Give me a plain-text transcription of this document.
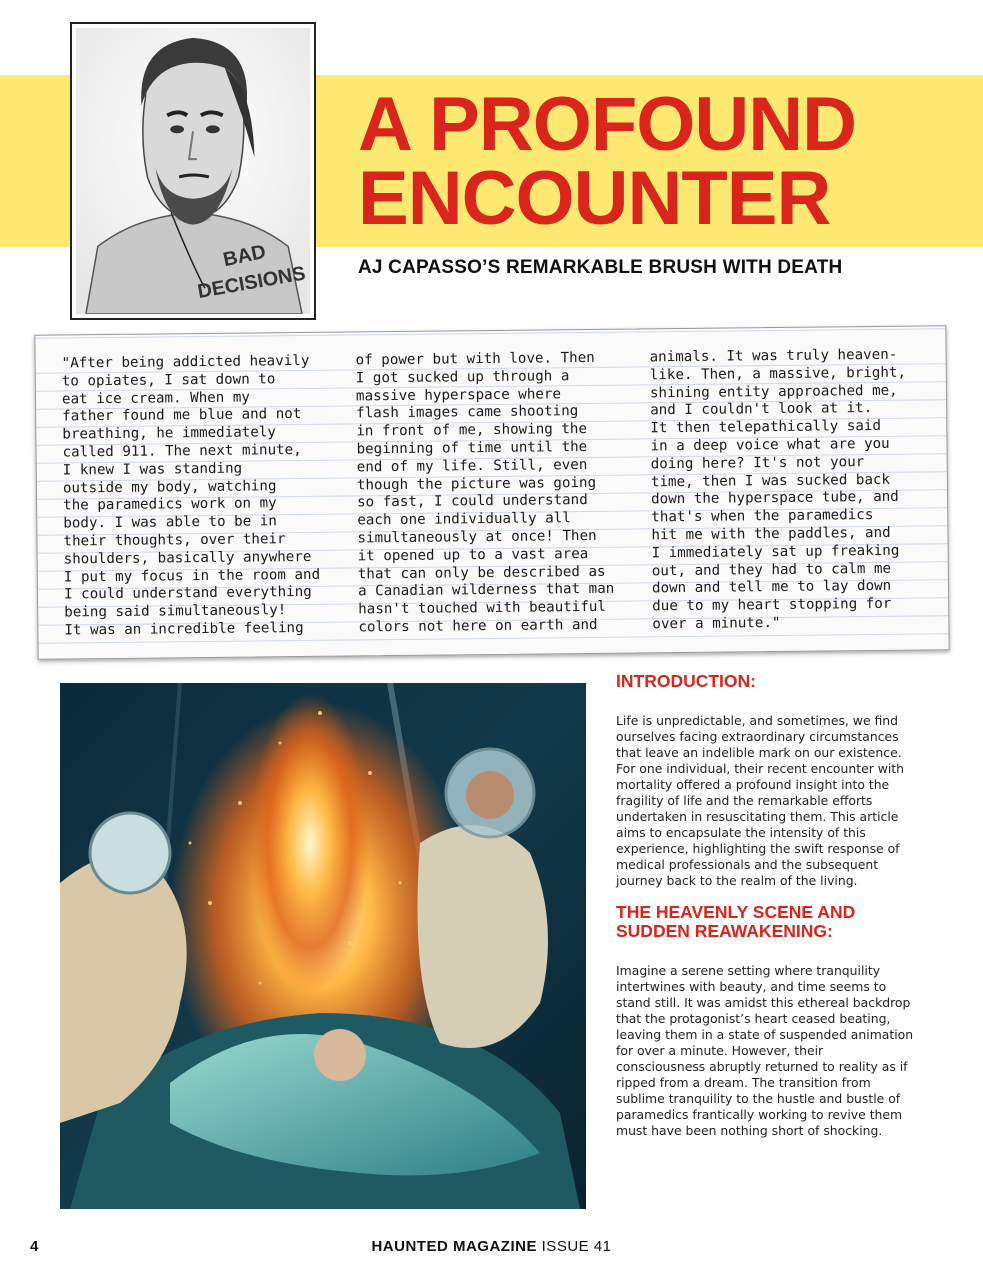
BAD
DECISIONS
A PROFOUND
ENCOUNTER
AJ CAPASSO’S REMARKABLE BRUSH WITH DEATH
"After being addicted heavily
to opiates, I sat down to
eat ice cream. When my
father found me blue and not
breathing, he immediately
called 911. The next minute,
I knew I was standing
outside my body, watching
the paramedics work on my
body. I was able to be in
their thoughts, over their
shoulders, basically anywhere
I put my focus in the room and
I could understand everything
being said simultaneously!
It was an incredible feeling
of power but with love. Then
I got sucked up through a
massive hyperspace where
flash images came shooting
in front of me, showing the
beginning of time until the
end of my life. Still, even
though the picture was going
so fast, I could understand
each one individually all
simultaneously at once! Then
it opened up to a vast area
that can only be described as
a Canadian wilderness that man
hasn't touched with beautiful
colors not here on earth and
animals. It was truly heaven-
like. Then, a massive, bright,
shining entity approached me,
and I couldn't look at it.
It then telepathically said
in a deep voice what are you
doing here? It's not your
time, then I was sucked back
down the hyperspace tube, and
that's when the paramedics
hit me with the paddles, and
I immediately sat up freaking
out, and they had to calm me
down and tell me to lay down
due to my heart stopping for
over a minute."
INTRODUCTION:
Life is unpredictable, and sometimes, we find ourselves facing extraordinary circumstances that leave an indelible mark on our existence. For one individual, their recent encounter with mortality offered a profound insight into the fragility of life and the remarkable efforts undertaken in resuscitating them. This article aims to encapsulate the intensity of this experience, highlighting the swift response of medical professionals and the subsequent journey back to the realm of the living.
THE HEAVENLY SCENE AND SUDDEN REAWAKENING:
Imagine a serene setting where tranquility intertwines with beauty, and time seems to stand still. It was amidst this ethereal backdrop that the protagonist’s heart ceased beating, leaving them in a state of suspended animation for over a minute. However, their consciousness abruptly returned to reality as if ripped from a dream. The transition from sublime tranquility to the hustle and bustle of paramedics frantically working to revive them must have been nothing short of shocking.
4	HAUNTED MAGAZINE ISSUE 41
